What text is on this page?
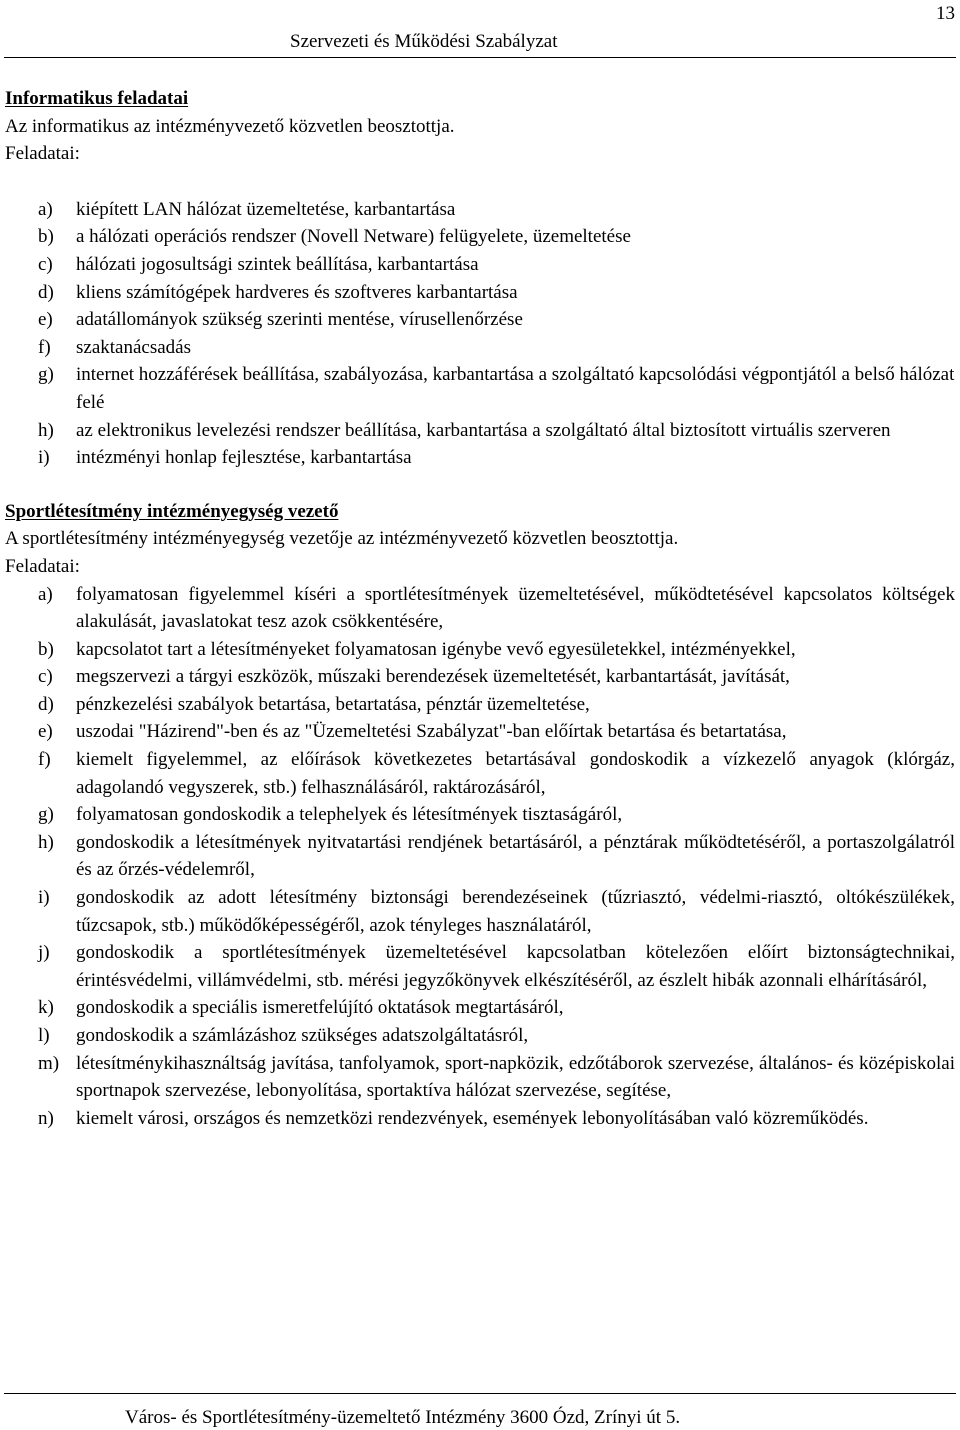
13
Szervezeti és Működési Szabályzat
Informatikus feladatai
Az informatikus az intézményvezető közvetlen beosztottja.
Feladatai:
a)	kiépített LAN hálózat üzemeltetése, karbantartása
b)	a hálózati operációs rendszer (Novell Netware) felügyelete, üzemeltetése
c)	hálózati jogosultsági szintek beállítása, karbantartása
d)	kliens számítógépek hardveres és szoftveres karbantartása
e)	adatállományok szükség szerinti mentése, vírusellenőrzése
f)	szaktanácsadás
g)	internet hozzáférések beállítása, szabályozása, karbantartása a szolgáltató kapcsolódási végpontjától a belső hálózat felé
h)	az elektronikus levelezési rendszer beállítása, karbantartása a szolgáltató által biztosított virtuális szerveren
i)	intézményi honlap fejlesztése, karbantartása
Sportlétesítmény intézményegység vezető
A sportlétesítmény intézményegység vezetője az intézményvezető közvetlen beosztottja.
Feladatai:
a)	folyamatosan figyelemmel kíséri a sportlétesítmények üzemeltetésével, működtetésével kapcsolatos költségek alakulását, javaslatokat tesz azok csökkentésére,
b)	kapcsolatot tart a létesítményeket folyamatosan igénybe vevő egyesületekkel, intézményekkel,
c)	megszervezi a tárgyi eszközök, műszaki berendezések üzemeltetését, karbantartását, javítását,
d)	pénzkezelési szabályok betartása, betartatása, pénztár üzemeltetése,
e)	uszodai "Házirend"-ben és az "Üzemeltetési Szabályzat"-ban előírtak betartása és betartatása,
f)	kiemelt figyelemmel, az előírások következetes betartásával gondoskodik a vízkezelő anyagok (klórgáz, adagolandó vegyszerek, stb.) felhasználásáról, raktározásáról,
g)	folyamatosan gondoskodik a telephelyek és létesítmények tisztaságáról,
h)	gondoskodik a létesítmények nyitvatartási rendjének betartásáról, a pénztárak működtetéséről, a portaszolgálatról és az őrzés-védelemről,
i)	gondoskodik az adott létesítmény biztonsági berendezéseinek (tűzriasztó, védelmi-riasztó, oltókészülékek, tűzcsapok, stb.) működőképességéről, azok tényleges használatáról,
j)	gondoskodik a sportlétesítmények üzemeltetésével kapcsolatban kötelezően előírt biztonságtechnikai, érintésvédelmi, villámvédelmi, stb. mérési jegyzőkönyvek elkészítéséről, az észlelt hibák azonnali elhárításáról,
k)	gondoskodik a speciális ismeretfelújító oktatások megtartásáról,
l)	gondoskodik a számlázáshoz szükséges adatszolgáltatásról,
m) létesítménykihasználtság javítása, tanfolyamok, sport-napközik, edzőtáborok szervezése, általános- és középiskolai sportnapok szervezése, lebonyolítása, sportaktíva hálózat szervezése, segítése,
n)	kiemelt városi, országos és nemzetközi rendezvények, események lebonyolításában való közreműködés.
Város- és Sportlétesítmény-üzemeltető Intézmény 3600 Ózd, Zrínyi út 5.
